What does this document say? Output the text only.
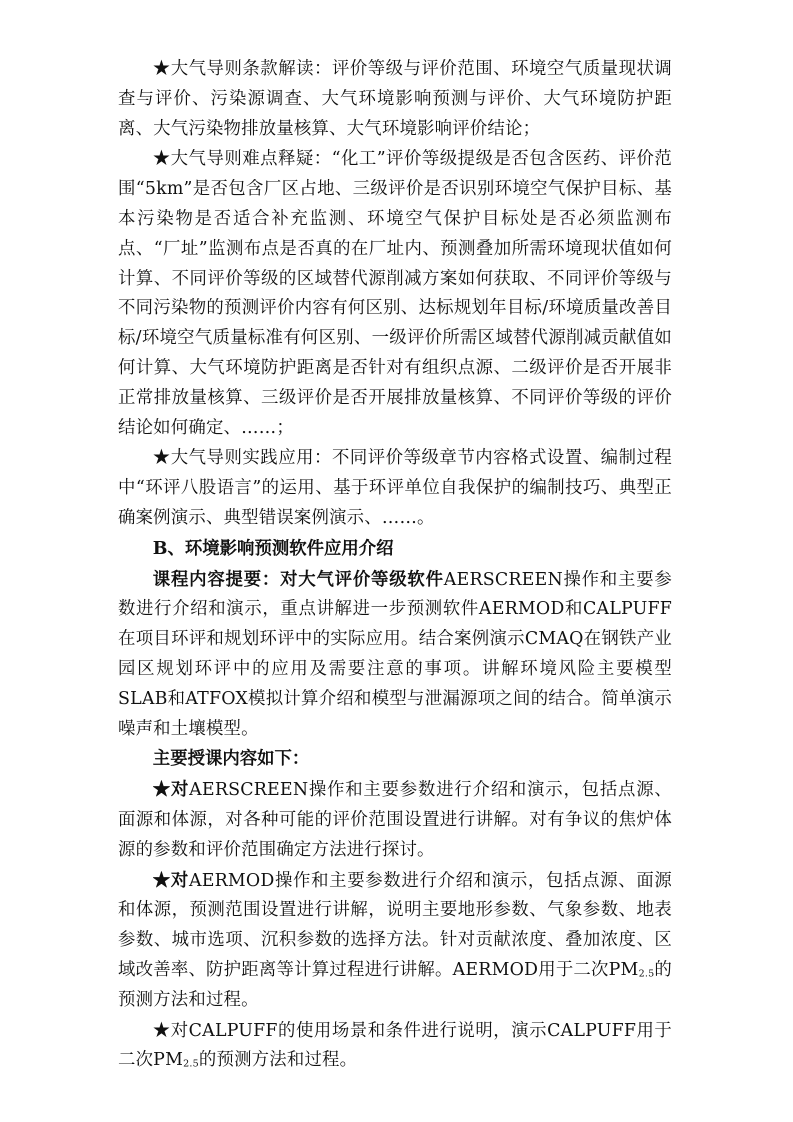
★大气导则条款解读：评价等级与评价范围、环境空气质量现状调查与评价、污染源调查、大气环境影响预测与评价、大气环境防护距离、大气污染物排放量核算、大气环境影响评价结论；

★大气导则难点释疑：“化工”评价等级提级是否包含医药、评价范围“5km”是否包含厂区占地、三级评价是否识别环境空气保护目标、基本污染物是否适合补充监测、环境空气保护目标处是否必须监测布点、“厂址”监测布点是否真的在厂址内、预测叠加所需环境现状值如何计算、不同评价等级的区域替代源削减方案如何获取、不同评价等级与不同污染物的预测评价内容有何区别、达标规划年目标/环境质量改善目标/环境空气质量标准有何区别、一级评价所需区域替代源削减贡献值如何计算、大气环境防护距离是否针对有组织点源、二级评价是否开展非正常排放量核算、三级评价是否开展排放量核算、不同评价等级的评价结论如何确定、……；

★大气导则实践应用：不同评价等级章节内容格式设置、编制过程中“环评八股语言”的运用、基于环评单位自我保护的编制技巧、典型正确案例演示、典型错误案例演示、……。

B、环境影响预测软件应用介绍

课程内容提要：对大气评价等级软件AERSCREEN操作和主要参数进行介绍和演示，重点讲解进一步预测软件AERMOD和CALPUFF在项目环评和规划环评中的实际应用。结合案例演示CMAQ在钢铁产业园区规划环评中的应用及需要注意的事项。讲解环境风险主要模型SLAB和ATFOX模拟计算介绍和模型与泄漏源项之间的结合。简单演示噪声和土壤模型。

主要授课内容如下：

★对AERSCREEN操作和主要参数进行介绍和演示，包括点源、面源和体源，对各种可能的评价范围设置进行讲解。对有争议的焦炉体源的参数和评价范围确定方法进行探讨。

★对AERMOD操作和主要参数进行介绍和演示，包括点源、面源和体源，预测范围设置进行讲解，说明主要地形参数、气象参数、地表参数、城市选项、沉积参数的选择方法。针对贡献浓度、叠加浓度、区域改善率、防护距离等计算过程进行讲解。AERMOD用于二次$PM_{2.5}$的预测方法和过程。

★对CALPUFF的使用场景和条件进行说明，演示CALPUFF用于二次$PM_{2.5}$的预测方法和过程。
